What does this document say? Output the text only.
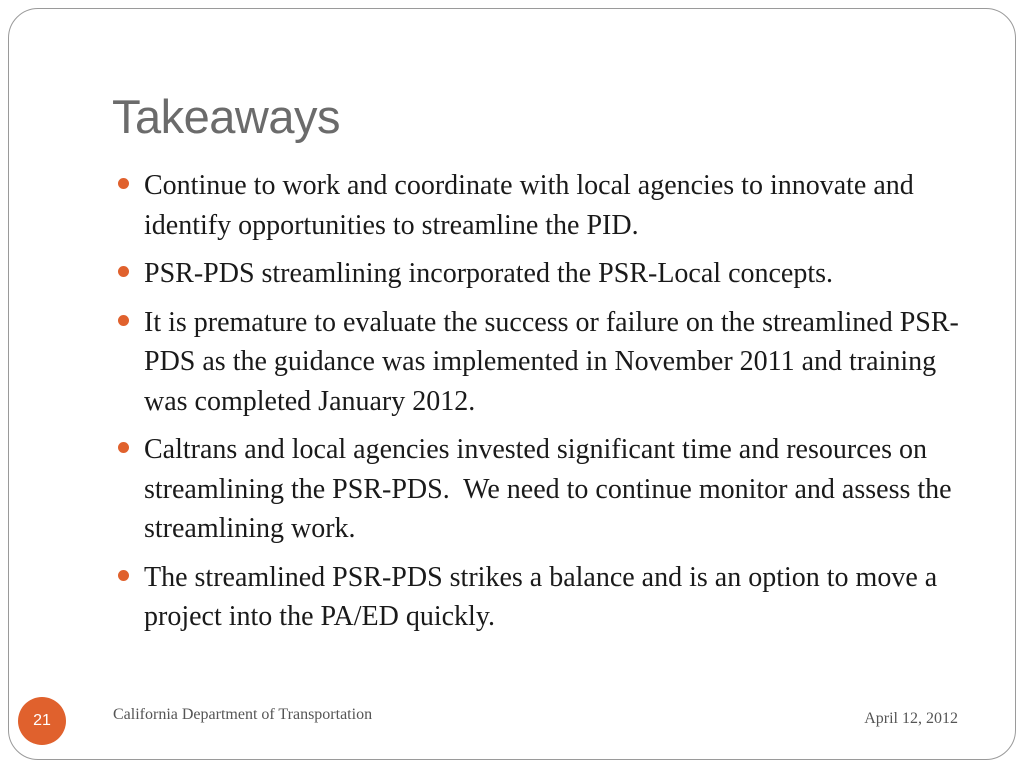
Takeaways
Continue to work and coordinate with local agencies to innovate and identify opportunities to streamline the PID.
PSR-PDS streamlining incorporated the PSR-Local concepts.
It is premature to evaluate the success or failure on the streamlined PSR-PDS as the guidance was implemented in November 2011 and training was completed January 2012.
Caltrans and local agencies invested significant time and resources on streamlining the PSR-PDS.  We need to continue monitor and assess the streamlining work.
The streamlined PSR-PDS strikes a balance and is an option to move a project into the PA/ED quickly.
21	California Department of Transportation	April 12, 2012
